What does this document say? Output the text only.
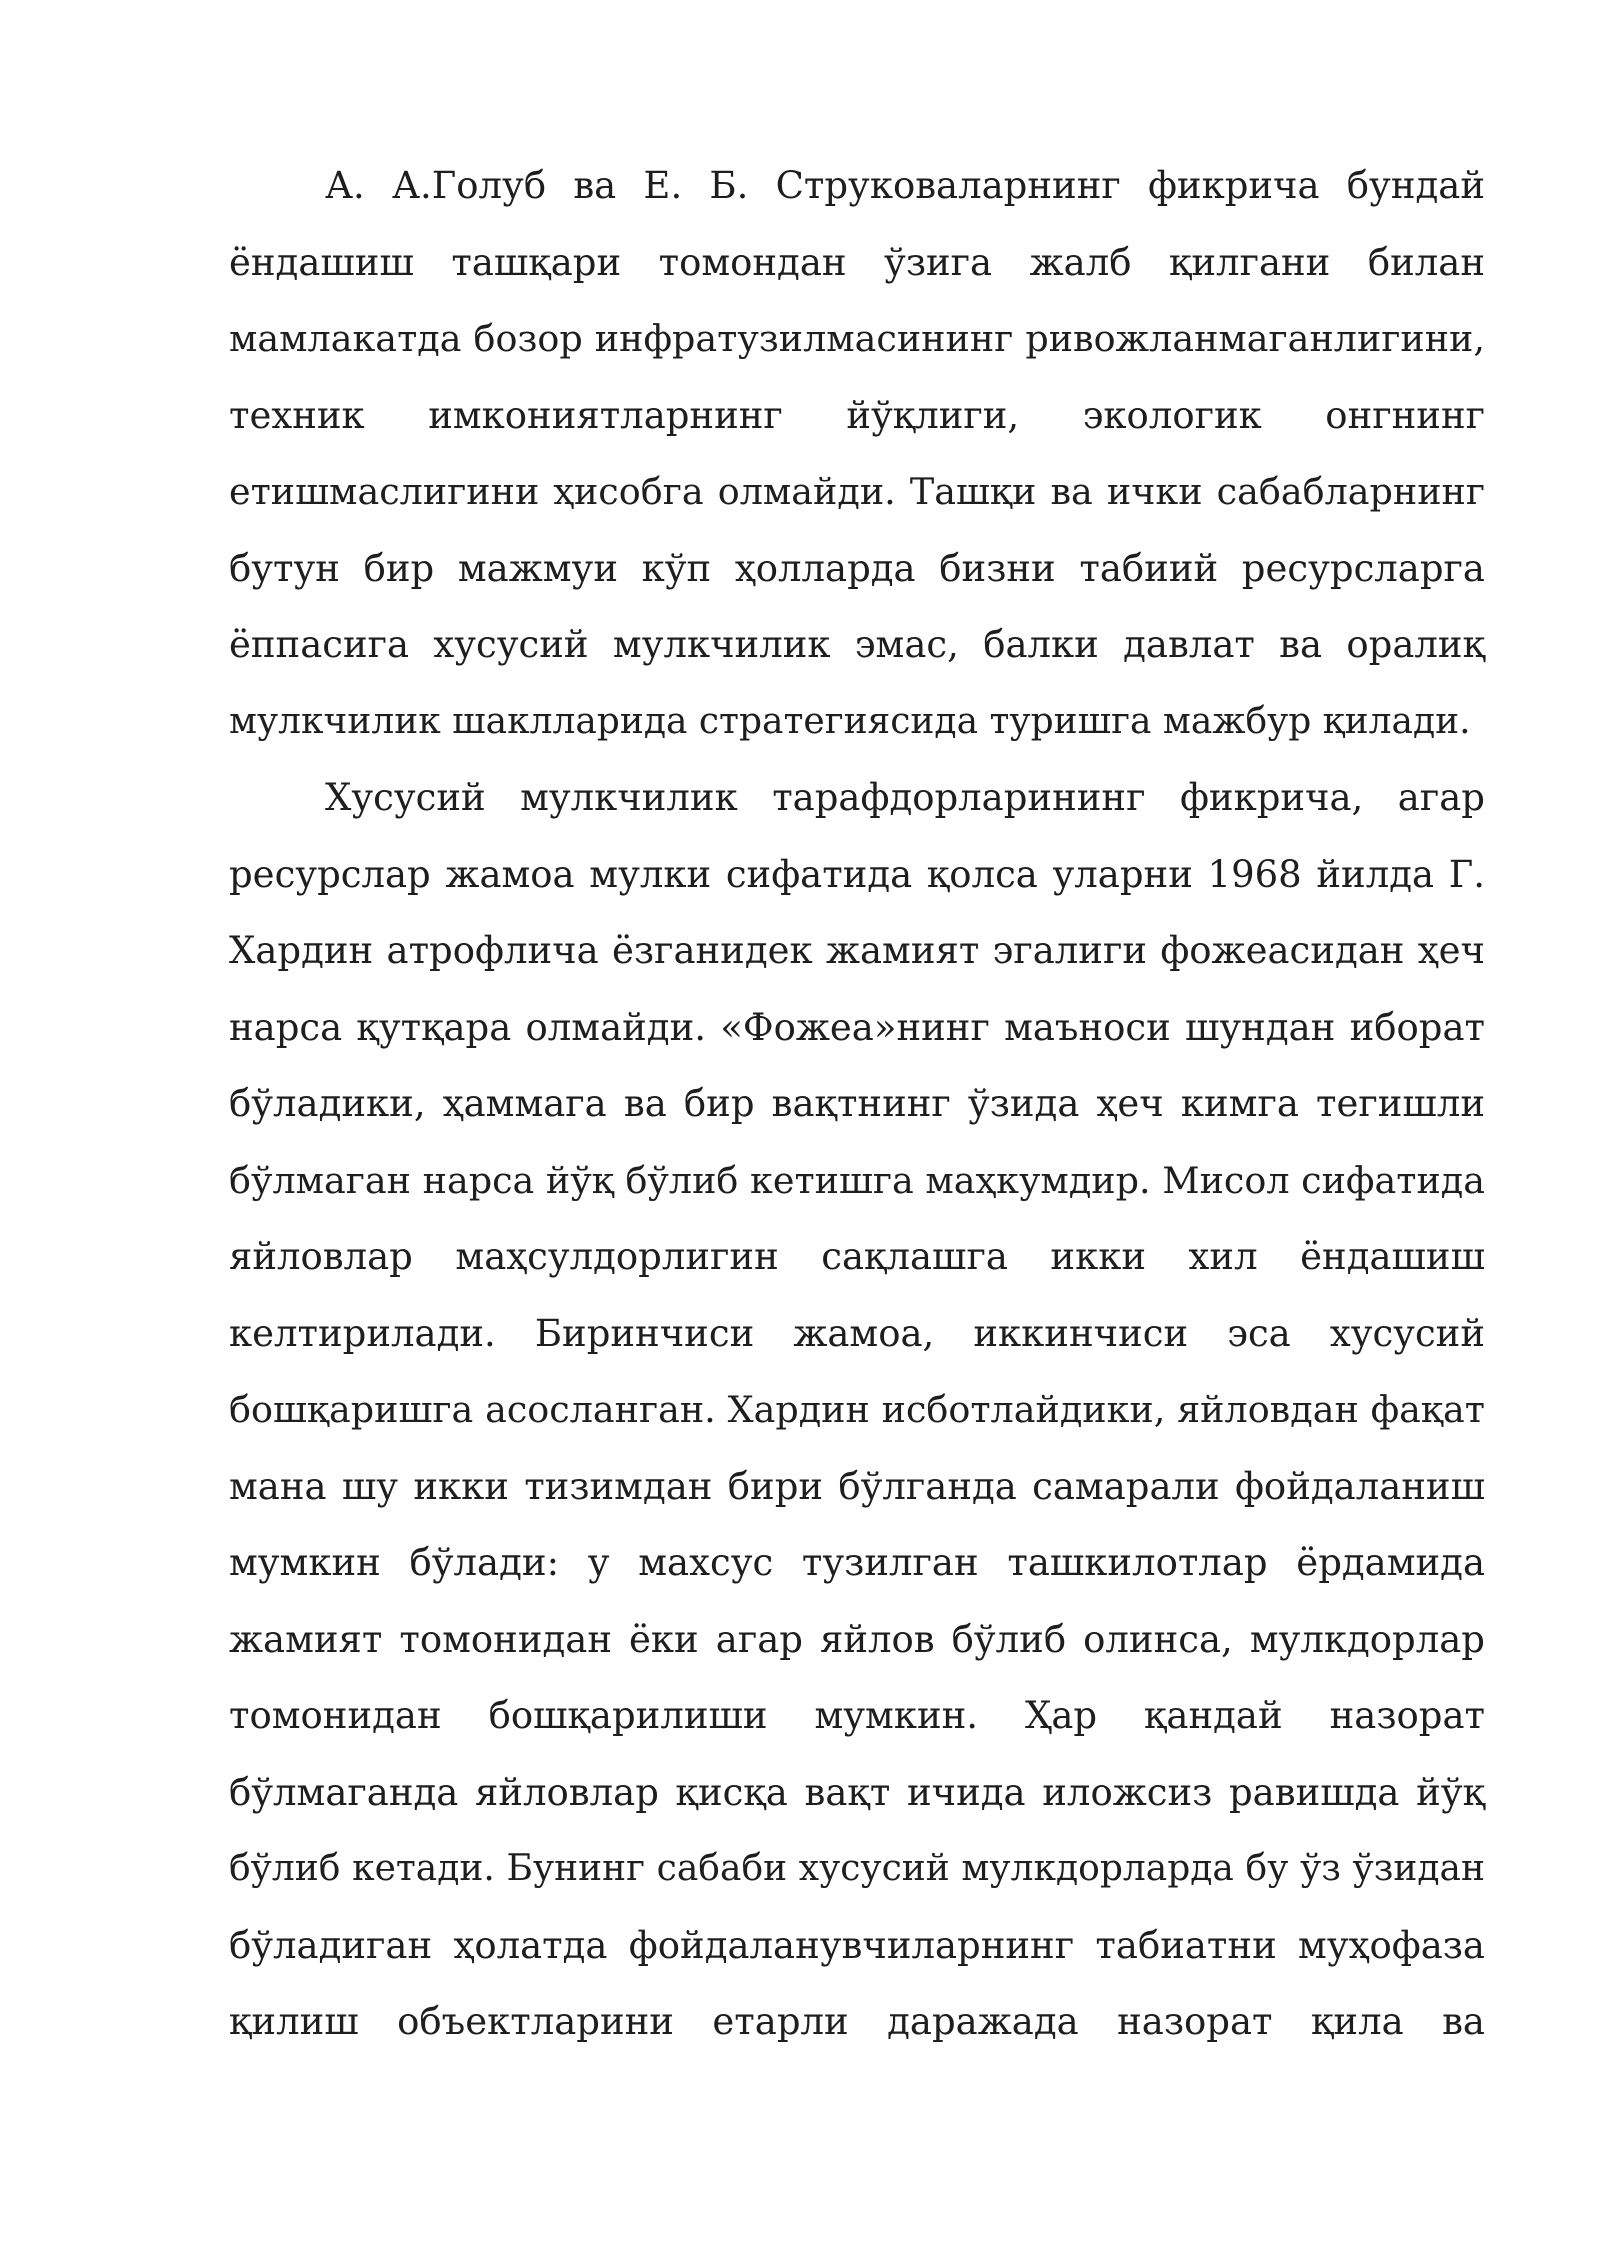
А. А.Голуб ва Е. Б. Струковаларнинг фикрича бундай
ёндашиш ташқари томондан ўзига жалб қилгани билан
мамлакатда бозор инфратузилмасининг ривожланмаганлигини,
техник имкониятларнинг йўқлиги, экологик онгнинг
етишмаслигини ҳисобга олмайди. Ташқи ва ички сабабларнинг
бутун бир мажмуи кўп ҳолларда бизни табиий ресурсларга
ёппасига хусусий мулкчилик эмас, балки давлат ва оралиқ
мулкчилик шаклларида стратегиясида туришга мажбур қилади.
Хусусий мулкчилик тарафдорларининг фикрича, агар
ресурслар жамоа мулки сифатида қолса уларни 1968 йилда Г.
Хардин атрофлича ёзганидек жамият эгалиги фожеасидан ҳеч
нарса қутқара олмайди. «Фожеа»нинг маъноси шундан иборат
бўладики, ҳаммага ва бир вақтнинг ўзида ҳеч кимга тегишли
бўлмаган нарса йўқ бўлиб кетишга маҳкумдир. Мисол сифатида
яйловлар маҳсулдорлигин сақлашга икки хил ёндашиш
келтирилади. Биринчиси жамоа, иккинчиси эса хусусий
бошқаришга асосланган. Хардин исботлайдики, яйловдан фақат
мана шу икки тизимдан бири бўлганда самарали фойдаланиш
мумкин бўлади: у махсус тузилган ташкилотлар ёрдамида
жамият томонидан ёки агар яйлов бўлиб олинса, мулкдорлар
томонидан бошқарилиши мумкин. Ҳар қандай назорат
бўлмаганда яйловлар қисқа вақт ичида иложсиз равишда йўқ
бўлиб кетади. Бунинг сабаби хусусий мулкдорларда бу ўз ўзидан
бўладиган ҳолатда фойдаланувчиларнинг табиатни муҳофаза
қилиш объектларини етарли даражада назорат қила ва
